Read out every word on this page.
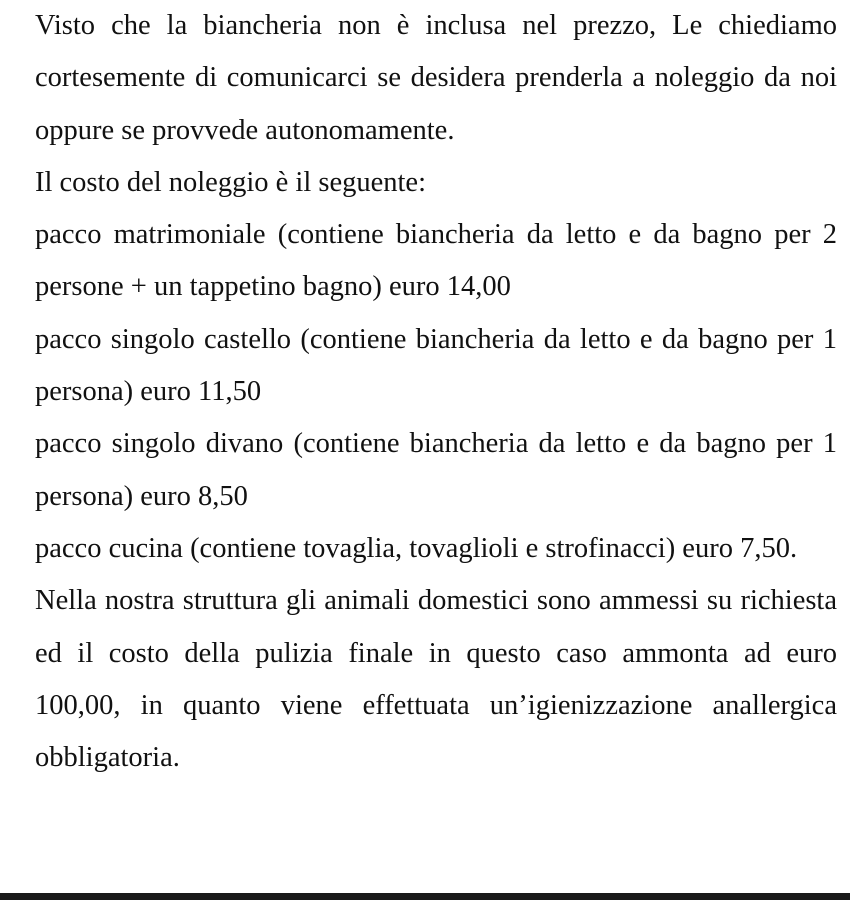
Visto che la biancheria non è inclusa nel prezzo, Le chiediamo cortesemente di comunicarci se desidera prenderla a noleggio da noi oppure se provvede autonomamente.

Il costo del noleggio è il seguente:

pacco matrimoniale (contiene biancheria da letto e da bagno per 2 persone + un tappetino bagno) euro 14,00

pacco singolo castello (contiene biancheria da letto e da bagno per 1 persona) euro 11,50

pacco singolo divano (contiene biancheria da letto e da bagno per 1 persona) euro 8,50

pacco cucina (contiene tovaglia, tovaglioli e strofinacci) euro 7,50.

Nella nostra struttura gli animali domestici sono ammessi su richiesta ed il costo della pulizia finale in questo caso ammonta ad euro 100,00, in quanto viene effettuata un’igienizzazione anallergica obbligatoria.
